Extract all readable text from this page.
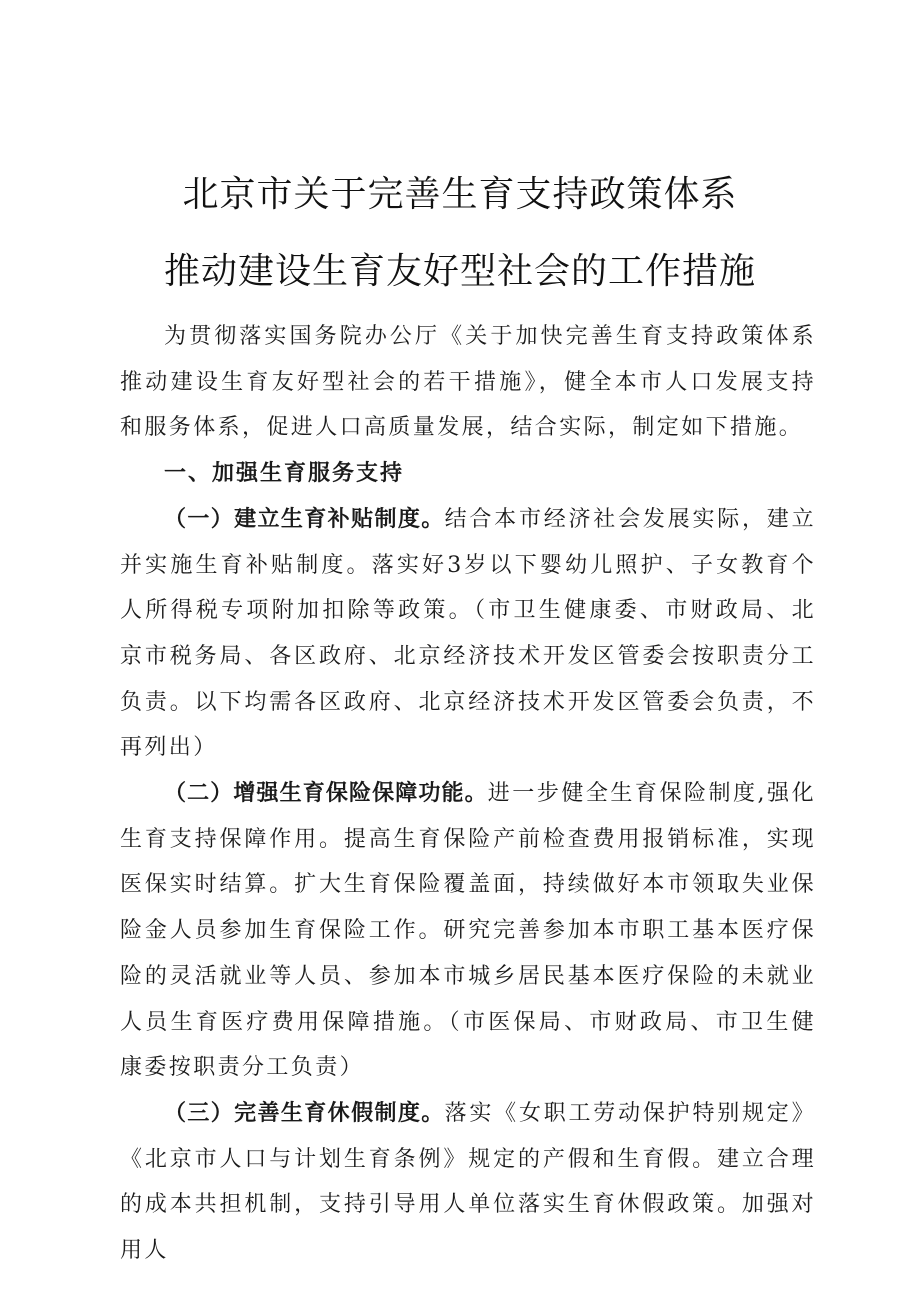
北京市关于完善生育支持政策体系
推动建设生育友好型社会的工作措施

为贯彻落实国务院办公厅《关于加快完善生育支持政策体系推动建设生育友好型社会的若干措施》，健全本市人口发展支持和服务体系，促进人口高质量发展，结合实际，制定如下措施。

一、加强生育服务支持

（一）建立生育补贴制度。结合本市经济社会发展实际，建立并实施生育补贴制度。落实好3岁以下婴幼儿照护、子女教育个人所得税专项附加扣除等政策。（市卫生健康委、市财政局、北京市税务局、各区政府、北京经济技术开发区管委会按职责分工负责。以下均需各区政府、北京经济技术开发区管委会负责，不再列出）

（二）增强生育保险保障功能。进一步健全生育保险制度,强化生育支持保障作用。提高生育保险产前检查费用报销标准，实现医保实时结算。扩大生育保险覆盖面，持续做好本市领取失业保险金人员参加生育保险工作。研究完善参加本市职工基本医疗保险的灵活就业等人员、参加本市城乡居民基本医疗保险的未就业人员生育医疗费用保障措施。（市医保局、市财政局、市卫生健康委按职责分工负责）

（三）完善生育休假制度。落实《女职工劳动保护特别规定》《北京市人口与计划生育条例》规定的产假和生育假。建立合理的成本共担机制，支持引导用人单位落实生育休假政策。加强对用人
